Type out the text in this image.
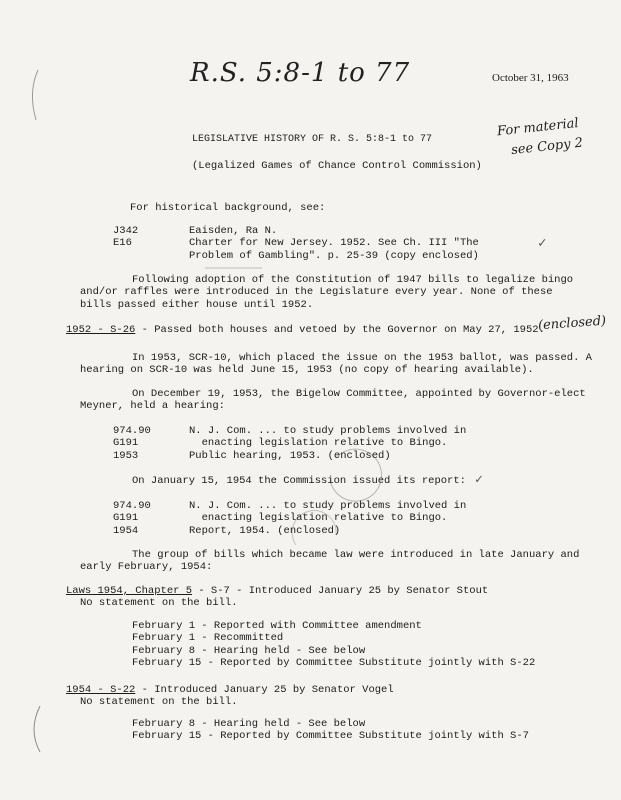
R.S. 5:8-1 to 77	October 31, 1963
LEGISLATIVE HISTORY OF R. S. 5:8-1 to 77
(Legalized Games of Chance Control Commission)
For material
see Copy 2
For historical background, see:
J342
E16
Eaisden, Ra N.
Charter for New Jersey. 1952. See Ch. III "The
Problem of Gambling". p. 25-39 (copy enclosed)
✓
Following adoption of the Constitution of 1947 bills to legalize bingo
and/or raffles were introduced in the Legislature every year. None of these
bills passed either house until 1952.
1952 - S-26 - Passed both houses and vetoed by the Governor on May 27, 1952.
(enclosed)
In 1953, SCR-10, which placed the issue on the 1953 ballot, was passed. A
hearing on SCR-10 was held June 15, 1953 (no copy of hearing available).
On December 19, 1953, the Bigelow Committee, appointed by Governor-elect
Meyner, held a hearing:
974.90
G191
1953
N. J. Com. ... to study problems involved in
enacting legislation relative to Bingo.
Public hearing, 1953. (enclosed)
On January 15, 1954 the Commission issued its report: ✓
974.90
G191
1954
N. J. Com. ... to study problems involved in
enacting legislation relative to Bingo.
Report, 1954. (enclosed)
The group of bills which became law were introduced in late January and
early February, 1954:
Laws 1954, Chapter 5 - S-7 - Introduced January 25 by Senator Stout
No statement on the bill.
February 1 - Reported with Committee amendment
February 1 - Recommitted
February 8 - Hearing held - See below
February 15 - Reported by Committee Substitute jointly with S-22
1954 - S-22 - Introduced January 25 by Senator Vogel
No statement on the bill.
February 8 - Hearing held - See below
February 15 - Reported by Committee Substitute jointly with S-7
